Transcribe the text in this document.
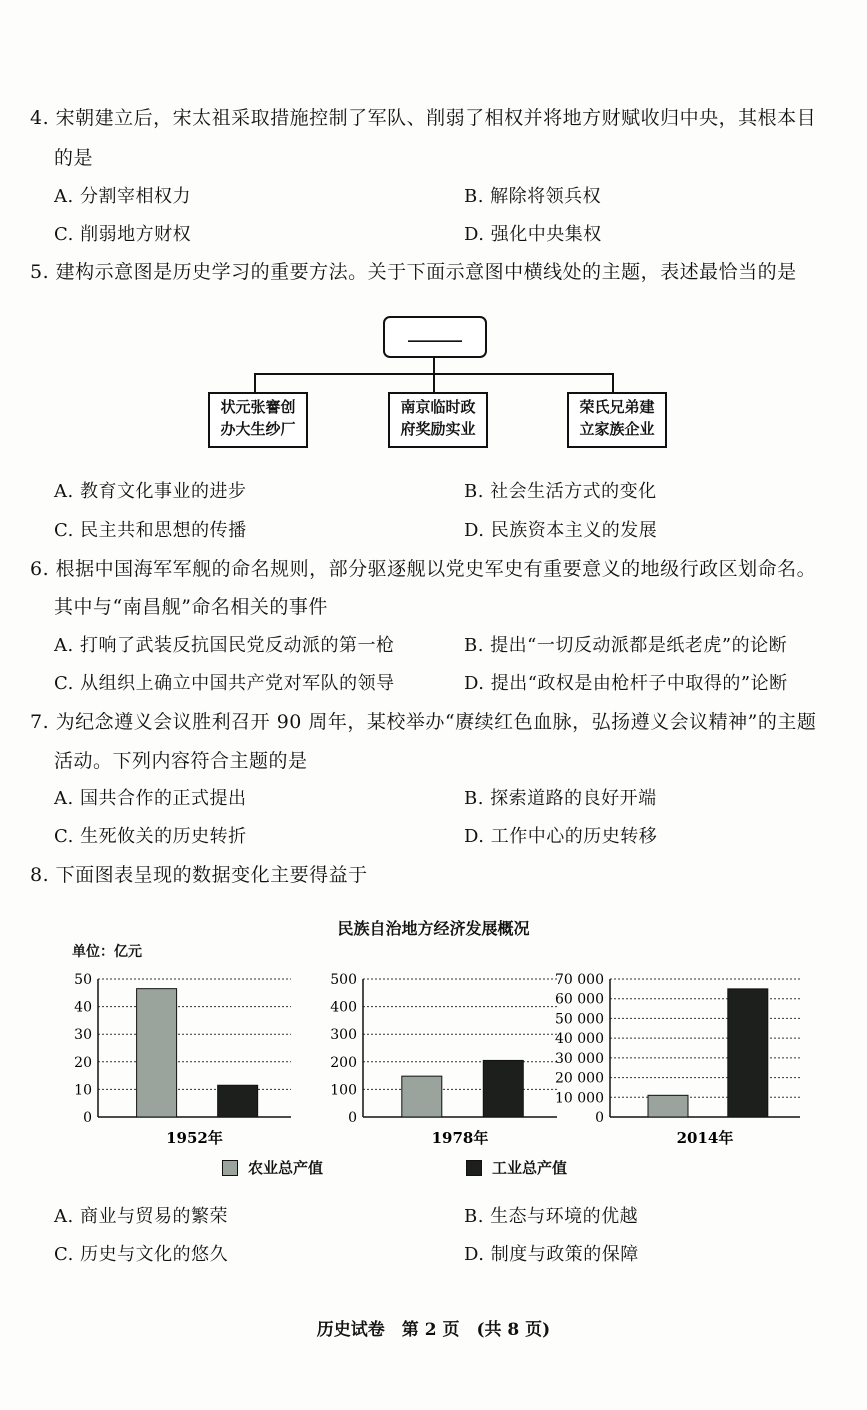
4. 宋朝建立后，宋太祖采取措施控制了军队、削弱了相权并将地方财赋收归中央，其根本目
的是
A. 分割宰相权力	B. 解除将领兵权
C. 削弱地方财权	D. 强化中央集权
5. 建构示意图是历史学习的重要方法。关于下面示意图中横线处的主题，表述最恰当的是
______
状元张謇创
办大生纱厂
南京临时政
府奖励实业
荣氏兄弟建
立家族企业
A. 教育文化事业的进步	B. 社会生活方式的变化
C. 民主共和思想的传播	D. 民族资本主义的发展
6. 根据中国海军军舰的命名规则，部分驱逐舰以党史军史有重要意义的地级行政区划命名。
其中与“南昌舰”命名相关的事件
A. 打响了武装反抗国民党反动派的第一枪	B. 提出“一切反动派都是纸老虎”的论断
C. 从组织上确立中国共产党对军队的领导	D. 提出“政权是由枪杆子中取得的”论断
7. 为纪念遵义会议胜利召开 90 周年，某校举办“赓续红色血脉，弘扬遵义会议精神”的主题
活动。下列内容符合主题的是
A. 国共合作的正式提出	B. 探索道路的良好开端
C. 生死攸关的历史转折	D. 工作中心的历史转移
8. 下面图表呈现的数据变化主要得益于
民族自治地方经济发展概况
单位：亿元
0
10
20
30
40
50
1952年
0
100
200
300
400
500
1978年
0
10 000
20 000
30 000
40 000
50 000
60 000
70 000
2014年
农业总产值	工业总产值
A. 商业与贸易的繁荣	B. 生态与环境的优越
C. 历史与文化的悠久	D. 制度与政策的保障
历史试卷　第 2 页　(共 8 页)
